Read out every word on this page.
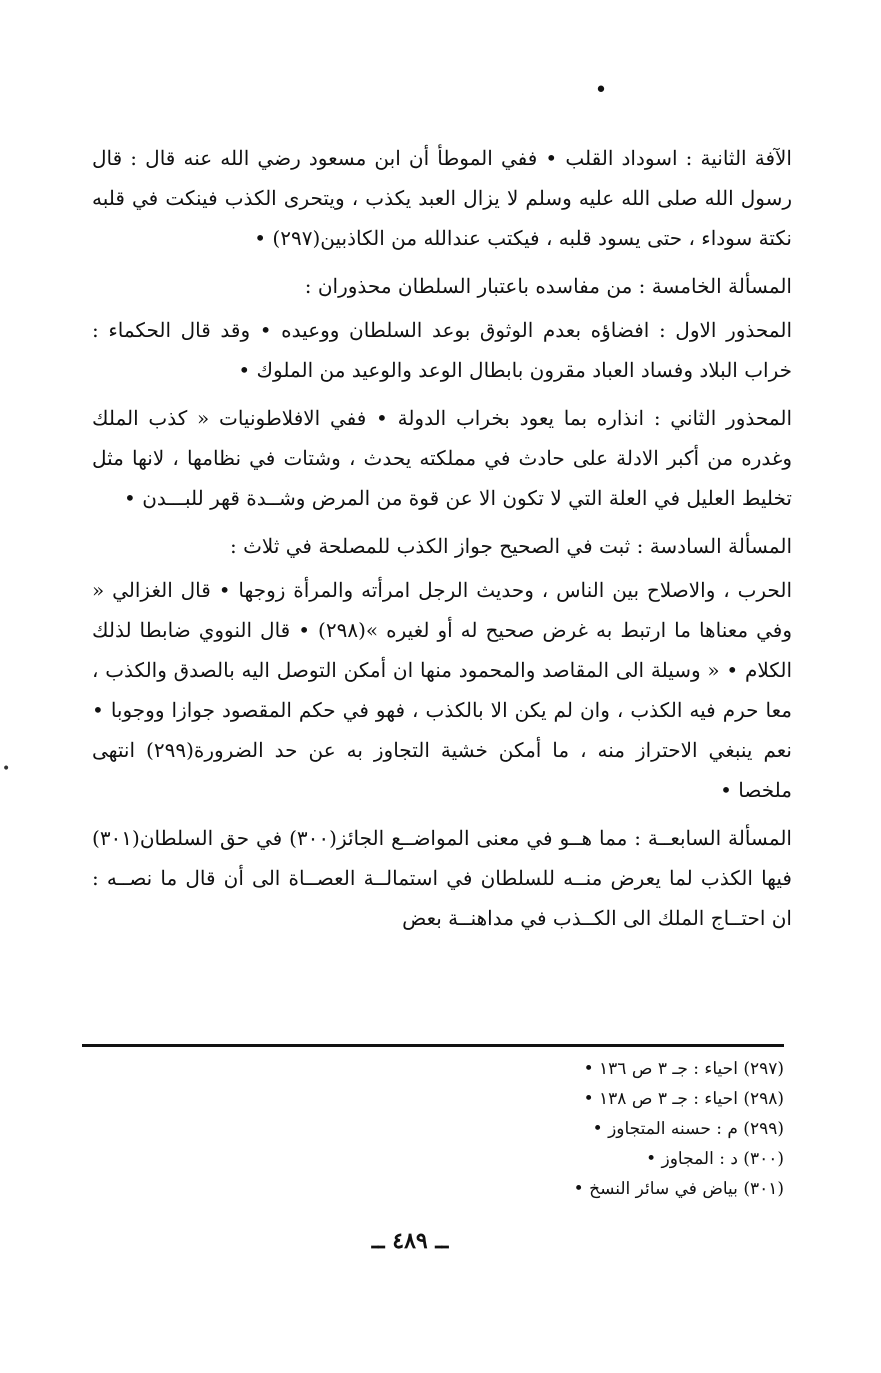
•

الآفة الثانية : اسوداد القلب • ففي الموطأ أن ابن مسعود رضي الله عنه قال : قال رسول الله صلى الله عليه وسلم لا يزال العبد يكذب ، ويتحرى الكذب فينكت في قلبه نكتة سوداء ، حتى يسود قلبه ، فيكتب عندالله من الكاذبين(٢٩٧) •

المسألة الخامسة : من مفاسده باعتبار السلطان محذوران :

المحذور الاول : افضاؤه بعدم الوثوق بوعد السلطان ووعيده • وقد قال الحكماء : خراب البلاد وفساد العباد مقرون بابطال الوعد والوعيد من الملوك •

المحذور الثاني : انذاره بما يعود بخراب الدولة • ففي الافلاطونيات « كذب الملك وغدره من أكبر الادلة على حادث في مملكته يحدث ، وشتات في نظامها ، لانها مثل تخليط العليل في العلة التي لا تكون الا عن قوة من المرض وشــدة قهر للبـــدن •

المسألة السادسة : ثبت في الصحيح جواز الكذب للمصلحة في ثلاث :

الحرب ، والاصلاح بين الناس ، وحديث الرجل امرأته والمرأة زوجها • قال الغزالي « وفي معناها ما ارتبط به غرض صحيح له أو لغيره »(٢٩٨) • قال النووي ضابطا لذلك الكلام • « وسيلة الى المقاصد والمحمود منها ان أمكن التوصل اليه بالصدق والكذب ، معا حرم فيه الكذب ، وان لم يكن الا بالكذب ، فهو في حكم المقصود جوازا ووجوبا • نعم ينبغي الاحتراز منه ، ما أمكن خشية التجاوز به عن حد الضرورة(٢٩٩) انتهى ملخصا •

المسألة السابعــة : مما هــو في معنى المواضــع الجائز(٣٠٠) في حق السلطان(٣٠١) فيها الكذب لما يعرض منــه للسلطان في استمالــة العصــاة الى أن قال ما نصــه : ان احتــاج الملك الى الكــذب في مداهنــة بعض

(٢٩٧) احياء : جـ ٣ ص ١٣٦ •
(٢٩٨) احياء : جـ ٣ ص ١٣٨ •
(٢٩٩) م : حسنه المتجاوز •
(٣٠٠) د : المجاوز •
(٣٠١) بياض في سائر النسخ •
ــ ٤٨٩ ــ
•
